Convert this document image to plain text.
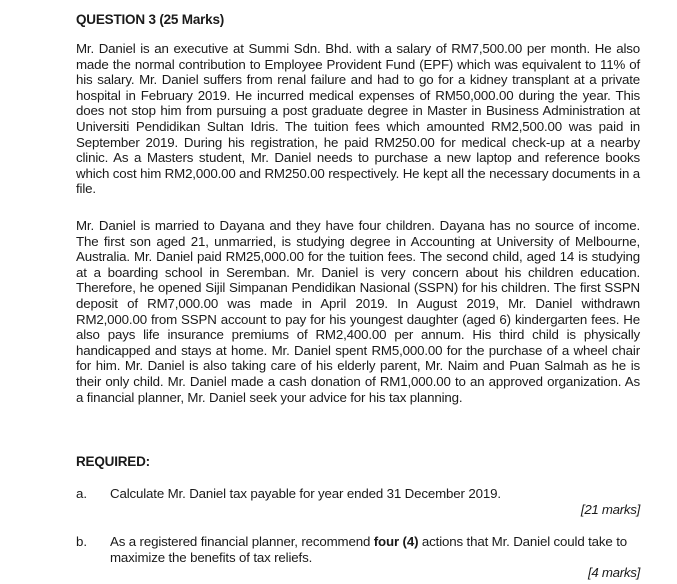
QUESTION 3 (25 Marks)
Mr. Daniel is an executive at Summi Sdn. Bhd. with a salary of RM7,500.00 per month. He also made the normal contribution to Employee Provident Fund (EPF) which was equivalent to 11% of his salary. Mr. Daniel suffers from renal failure and had to go for a kidney transplant at a private hospital in February 2019. He incurred medical expenses of RM50,000.00 during the year. This does not stop him from pursuing a post graduate degree in Master in Business Administration at Universiti Pendidikan Sultan Idris. The tuition fees which amounted RM2,500.00 was paid in September 2019. During his registration, he paid RM250.00 for medical check-up at a nearby clinic. As a Masters student, Mr. Daniel needs to purchase a new laptop and reference books which cost him RM2,000.00 and RM250.00 respectively. He kept all the necessary documents in a file.
Mr. Daniel is married to Dayana and they have four children. Dayana has no source of income. The first son aged 21, unmarried, is studying degree in Accounting at University of Melbourne, Australia. Mr. Daniel paid RM25,000.00 for the tuition fees. The second child, aged 14 is studying at a boarding school in Seremban. Mr. Daniel is very concern about his children education. Therefore, he opened Sijil Simpanan Pendidikan Nasional (SSPN) for his children. The first SSPN deposit of RM7,000.00 was made in April 2019. In August 2019, Mr. Daniel withdrawn RM2,000.00 from SSPN account to pay for his youngest daughter (aged 6) kindergarten fees. He also pays life insurance premiums of RM2,400.00 per annum. His third child is physically handicapped and stays at home. Mr. Daniel spent RM5,000.00 for the purchase of a wheel chair for him. Mr. Daniel is also taking care of his elderly parent, Mr. Naim and Puan Salmah as he is their only child. Mr. Daniel made a cash donation of RM1,000.00 to an approved organization. As a financial planner, Mr. Daniel seek your advice for his tax planning.
REQUIRED:
a. Calculate Mr. Daniel tax payable for year ended 31 December 2019.
[21 marks]
b. As a registered financial planner, recommend four (4) actions that Mr. Daniel could take to maximize the benefits of tax reliefs.
[4 marks]
